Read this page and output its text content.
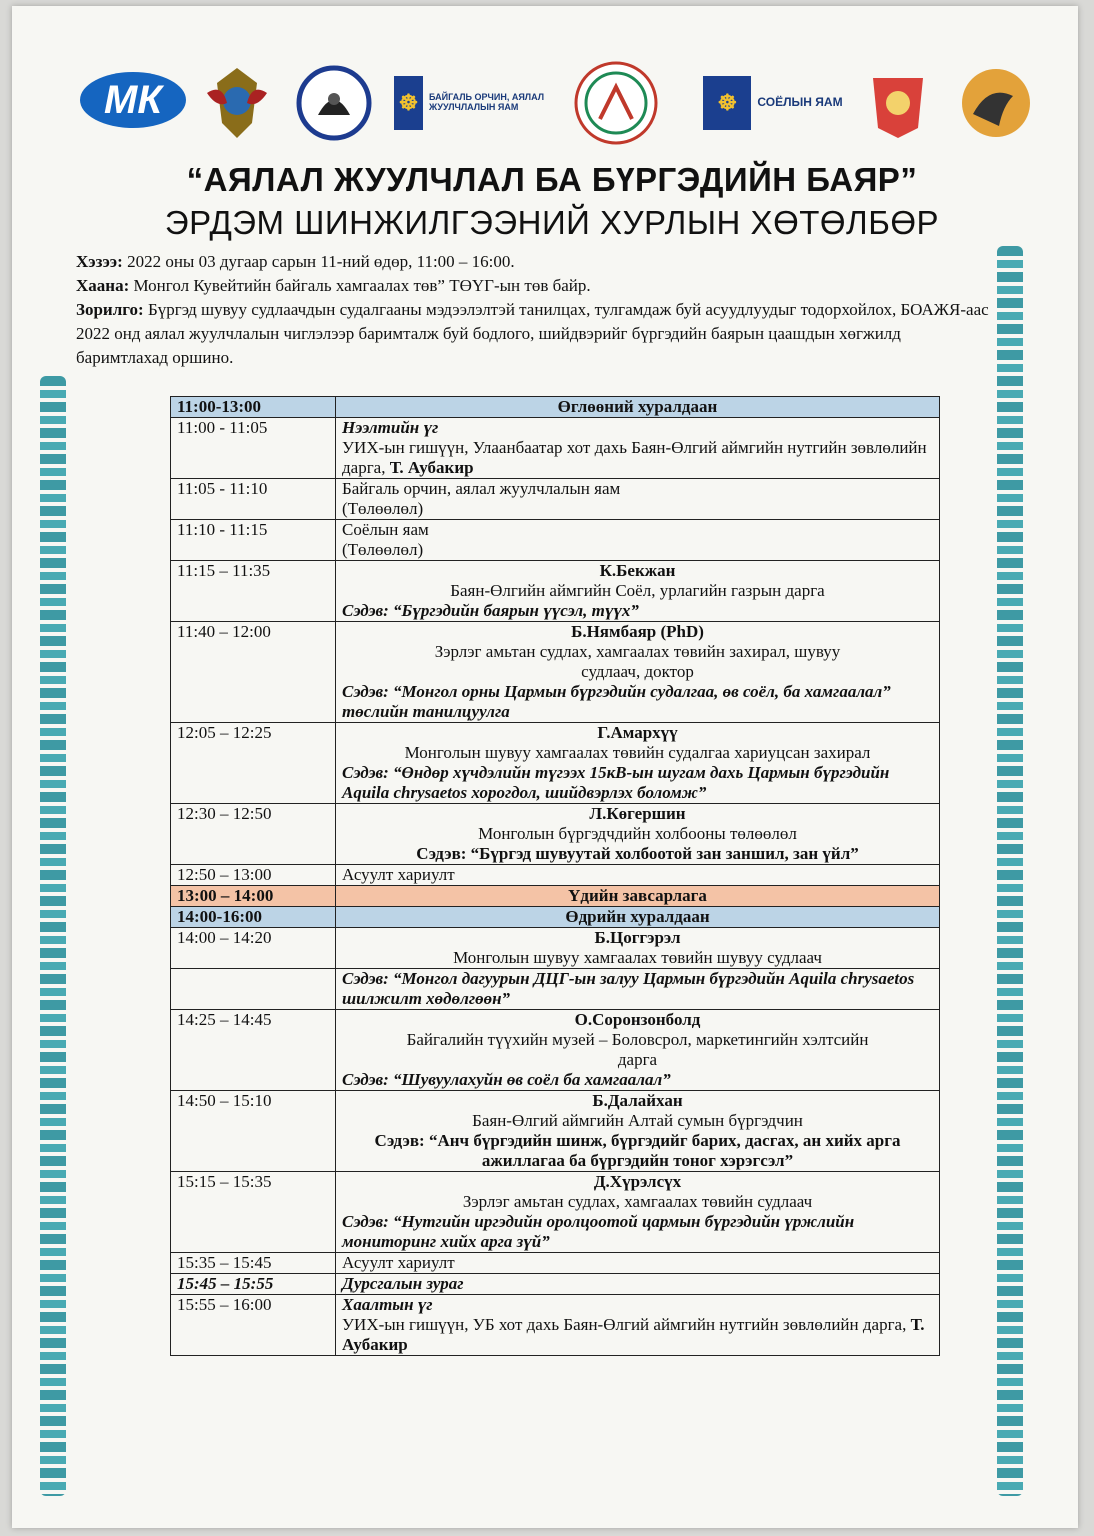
МК	☸	БАЙГАЛЬ ОРЧИН, АЯЛАЛ ЖУУЛЧЛАЛЫН ЯАМ	☸	СОЁЛЫН ЯАМ
“АЯЛАЛ ЖУУЛЧЛАЛ БА БҮРГЭДИЙН БАЯР”
ЭРДЭМ ШИНЖИЛГЭЭНИЙ ХУРЛЫН ХӨТӨЛБӨР
Хэзээ: 2022 оны 03 дугаар сарын 11-ний өдөр, 11:00 – 16:00.
Хаана: Монгол Кувейтийн байгаль хамгаалах төв” ТӨҮГ-ын төв байр.
Зорилго: Бүргэд шувуу судлаачдын судалгааны мэдээлэлтэй танилцах, тулгамдаж буй асуудлуудыг тодорхойлох, БОАЖЯ-аас 2022 онд аялал жуулчлалын чиглэлээр баримталж буй бодлого, шийдвэрийг бүргэдийн баярын цаашдын хөгжилд баримтлахад оршино.
11:00-13:00	Өглөөний хуралдаан
11:00 - 11:05	Нээлтийн үг
УИХ-ын гишүүн, Улаанбаатар хот дахь Баян-Өлгий аймгийн нутгийн зөвлөлийн дарга, Т. Аубакир
11:05 - 11:10	Байгаль орчин, аялал жуулчлалын яам
(Төлөөлөл)

11:10 - 11:15	Соёлын яам
(Төлөөлөл)

11:15 – 11:35	К.Бекжан
Баян-Өлгийн аймгийн Соёл, урлагийн газрын дарга
Сэдэв: “Бүргэдийн баярын үүсэл, түүх”

11:40 – 12:00	Б.Нямбаяр (PhD)
Зэрлэг амьтан судлах, хамгаалах төвийн захирал, шувуу судлаач, доктор
Сэдэв: “Монгол орны Цармын бүргэдийн судалгаа, өв соёл, ба хамгаалал” төслийн танилцуулга

12:05 – 12:25	Г.Амархүү
Монголын шувуу хамгаалах төвийн судалгаа хариуцсан захирал
Сэдэв: “Өндөр хүчдэлийн түгээх 15кВ-ын шугам дахь Цармын бүргэдийн Aquila chrysaetos хорогдол, шийдвэрлэх боломж”

12:30 – 12:50	Л.Көгершин
Монголын бүргэдчдийн холбооны төлөөлөл
Сэдэв: “Бүргэд шувуутай холбоотой зан заншил, зан үйл”

12:50 – 13:00	Асуулт хариулт
13:00 – 14:00	Үдийн завсарлага
14:00-16:00	Өдрийн хуралдаан
14:00 – 14:20	Б.Цоггэрэл
Монголын шувуу хамгаалах төвийн шувуу судлаач

	Сэдэв: “Монгол дагуурын ДЦГ-ын залуу Цармын бүргэдийн Aquila chrysaetos шилжилт хөдөлгөөн”

14:25 – 14:45	О.Соронзонболд
Байгалийн түүхийн музей – Боловсрол, маркетингийн хэлтсийн дарга
Сэдэв: “Шувуулахуйн өв соёл ба хамгаалал”

14:50 – 15:10	Б.Далайхан
Баян-Өлгий аймгийн Алтай сумын бүргэдчин
Сэдэв: “Анч бүргэдийн шинж, бүргэдийг барих, дасгах, ан хийх арга ажиллагаа ба бүргэдийн тоног хэрэгсэл”

15:15 – 15:35	Д.Хүрэлсүх
Зэрлэг амьтан судлах, хамгаалах төвийн судлаач
Сэдэв: “Нутгийн иргэдийн оролцоотой цармын бүргэдийн үржлийн мониторинг хийх арга зүй”

15:35 – 15:45	Асуулт хариулт
15:45 – 15:55	Дурсгалын зураг
15:55 – 16:00	Хаалтын үг
УИХ-ын гишүүн, УБ хот дахь Баян-Өлгий аймгийн нутгийн зөвлөлийн дарга, Т. Аубакир
